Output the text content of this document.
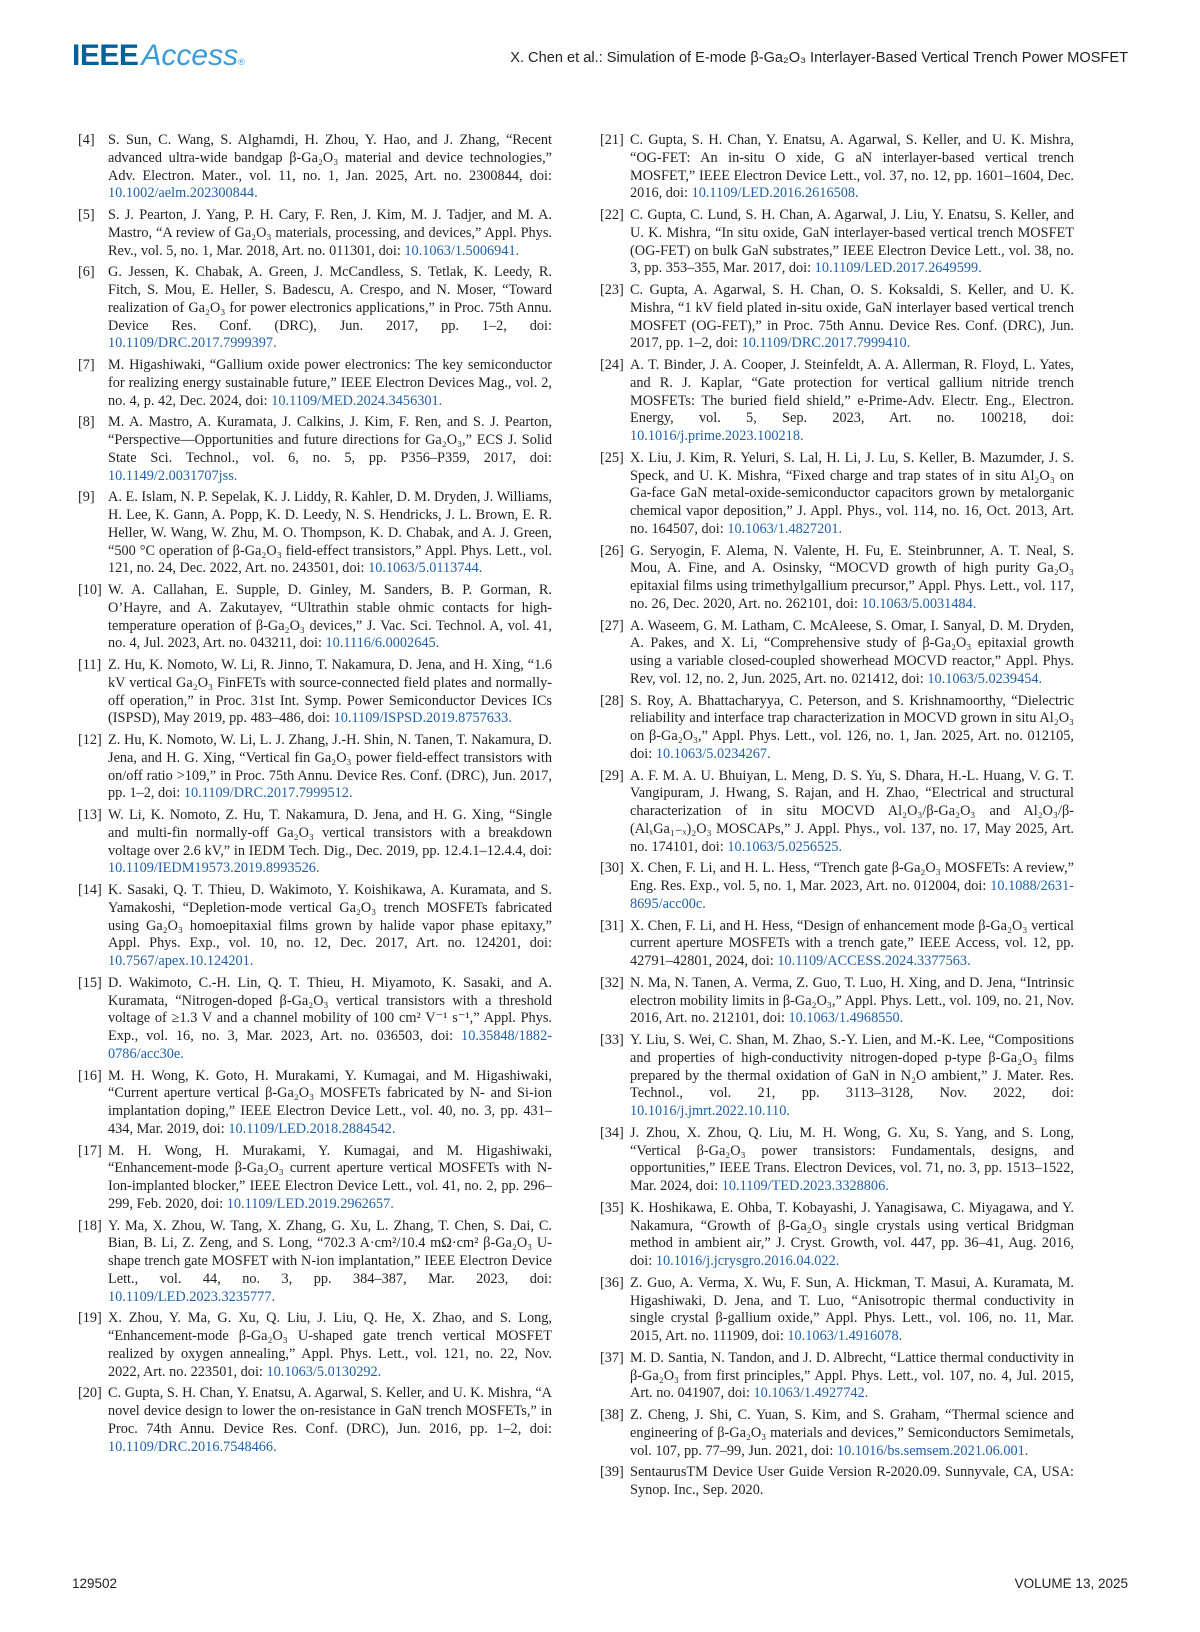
IEEE Access®	X. Chen et al.: Simulation of E-mode β-Ga₂O₃ Interlayer-Based Vertical Trench Power MOSFET
[4] S. Sun, C. Wang, S. Alghamdi, H. Zhou, Y. Hao, and J. Zhang, “Recent advanced ultra-wide bandgap β-Ga₂O₃ material and device technologies,” Adv. Electron. Mater., vol. 11, no. 1, Jan. 2025, Art. no. 2300844, doi: 10.1002/aelm.202300844.
[5] S. J. Pearton, J. Yang, P. H. Cary, F. Ren, J. Kim, M. J. Tadjer, and M. A. Mastro, “A review of Ga₂O₃ materials, processing, and devices,” Appl. Phys. Rev., vol. 5, no. 1, Mar. 2018, Art. no. 011301, doi: 10.1063/1.5006941.
[6] G. Jessen, K. Chabak, A. Green, J. McCandless, S. Tetlak, K. Leedy, R. Fitch, S. Mou, E. Heller, S. Badescu, A. Crespo, and N. Moser, “Toward realization of Ga₂O₃ for power electronics applications,” in Proc. 75th Annu. Device Res. Conf. (DRC), Jun. 2017, pp. 1–2, doi: 10.1109/DRC.2017.7999397.
[7] M. Higashiwaki, “Gallium oxide power electronics: The key semiconductor for realizing energy sustainable future,” IEEE Electron Devices Mag., vol. 2, no. 4, p. 42, Dec. 2024, doi: 10.1109/MED.2024.3456301.
[8] M. A. Mastro, A. Kuramata, J. Calkins, J. Kim, F. Ren, and S. J. Pearton, “Perspective—Opportunities and future directions for Ga₂O₃,” ECS J. Solid State Sci. Technol., vol. 6, no. 5, pp. P356–P359, 2017, doi: 10.1149/2.0031707jss.
[9] A. E. Islam, N. P. Sepelak, K. J. Liddy, R. Kahler, D. M. Dryden, J. Williams, H. Lee, K. Gann, A. Popp, K. D. Leedy, N. S. Hendricks, J. L. Brown, E. R. Heller, W. Wang, W. Zhu, M. O. Thompson, K. D. Chabak, and A. J. Green, “500 °C operation of β-Ga₂O₃ field-effect transistors,” Appl. Phys. Lett., vol. 121, no. 24, Dec. 2022, Art. no. 243501, doi: 10.1063/5.0113744.
[10] W. A. Callahan, E. Supple, D. Ginley, M. Sanders, B. P. Gorman, R. O’Hayre, and A. Zakutayev, “Ultrathin stable ohmic contacts for high-temperature operation of β-Ga₂O₃ devices,” J. Vac. Sci. Technol. A, vol. 41, no. 4, Jul. 2023, Art. no. 043211, doi: 10.1116/6.0002645.
[11] Z. Hu, K. Nomoto, W. Li, R. Jinno, T. Nakamura, D. Jena, and H. Xing, “1.6 kV vertical Ga₂O₃ FinFETs with source-connected field plates and normally-off operation,” in Proc. 31st Int. Symp. Power Semiconductor Devices ICs (ISPSD), May 2019, pp. 483–486, doi: 10.1109/ISPSD.2019.8757633.
[12] Z. Hu, K. Nomoto, W. Li, L. J. Zhang, J.-H. Shin, N. Tanen, T. Nakamura, D. Jena, and H. G. Xing, “Vertical fin Ga₂O₃ power field-effect transistors with on/off ratio >109,” in Proc. 75th Annu. Device Res. Conf. (DRC), Jun. 2017, pp. 1–2, doi: 10.1109/DRC.2017.7999512.
[13] W. Li, K. Nomoto, Z. Hu, T. Nakamura, D. Jena, and H. G. Xing, “Single and multi-fin normally-off Ga₂O₃ vertical transistors with a breakdown voltage over 2.6 kV,” in IEDM Tech. Dig., Dec. 2019, pp. 12.4.1–12.4.4, doi: 10.1109/IEDM19573.2019.8993526.
[14] K. Sasaki, Q. T. Thieu, D. Wakimoto, Y. Koishikawa, A. Kuramata, and S. Yamakoshi, “Depletion-mode vertical Ga₂O₃ trench MOSFETs fabricated using Ga₂O₃ homoepitaxial films grown by halide vapor phase epitaxy,” Appl. Phys. Exp., vol. 10, no. 12, Dec. 2017, Art. no. 124201, doi: 10.7567/apex.10.124201.
[15] D. Wakimoto, C.-H. Lin, Q. T. Thieu, H. Miyamoto, K. Sasaki, and A. Kuramata, “Nitrogen-doped β-Ga₂O₃ vertical transistors with a threshold voltage of ≥1.3 V and a channel mobility of 100 cm² V⁻¹ s⁻¹,” Appl. Phys. Exp., vol. 16, no. 3, Mar. 2023, Art. no. 036503, doi: 10.35848/1882-0786/acc30e.
[16] M. H. Wong, K. Goto, H. Murakami, Y. Kumagai, and M. Higashiwaki, “Current aperture vertical β-Ga₂O₃ MOSFETs fabricated by N- and Si-ion implantation doping,” IEEE Electron Device Lett., vol. 40, no. 3, pp. 431–434, Mar. 2019, doi: 10.1109/LED.2018.2884542.
[17] M. H. Wong, H. Murakami, Y. Kumagai, and M. Higashiwaki, “Enhancement-mode β-Ga₂O₃ current aperture vertical MOSFETs with N-Ion-implanted blocker,” IEEE Electron Device Lett., vol. 41, no. 2, pp. 296–299, Feb. 2020, doi: 10.1109/LED.2019.2962657.
[18] Y. Ma, X. Zhou, W. Tang, X. Zhang, G. Xu, L. Zhang, T. Chen, S. Dai, C. Bian, B. Li, Z. Zeng, and S. Long, “702.3 A·cm²/10.4 mΩ·cm² β-Ga₂O₃ U-shape trench gate MOSFET with N-ion implantation,” IEEE Electron Device Lett., vol. 44, no. 3, pp. 384–387, Mar. 2023, doi: 10.1109/LED.2023.3235777.
[19] X. Zhou, Y. Ma, G. Xu, Q. Liu, J. Liu, Q. He, X. Zhao, and S. Long, “Enhancement-mode β-Ga₂O₃ U-shaped gate trench vertical MOSFET realized by oxygen annealing,” Appl. Phys. Lett., vol. 121, no. 22, Nov. 2022, Art. no. 223501, doi: 10.1063/5.0130292.
[20] C. Gupta, S. H. Chan, Y. Enatsu, A. Agarwal, S. Keller, and U. K. Mishra, “A novel device design to lower the on-resistance in GaN trench MOSFETs,” in Proc. 74th Annu. Device Res. Conf. (DRC), Jun. 2016, pp. 1–2, doi: 10.1109/DRC.2016.7548466.
[21] C. Gupta, S. H. Chan, Y. Enatsu, A. Agarwal, S. Keller, and U. K. Mishra, “OG-FET: An in-situ O xide, G aN interlayer-based vertical trench MOSFET,” IEEE Electron Device Lett., vol. 37, no. 12, pp. 1601–1604, Dec. 2016, doi: 10.1109/LED.2016.2616508.
[22] C. Gupta, C. Lund, S. H. Chan, A. Agarwal, J. Liu, Y. Enatsu, S. Keller, and U. K. Mishra, “In situ oxide, GaN interlayer-based vertical trench MOSFET (OG-FET) on bulk GaN substrates,” IEEE Electron Device Lett., vol. 38, no. 3, pp. 353–355, Mar. 2017, doi: 10.1109/LED.2017.2649599.
[23] C. Gupta, A. Agarwal, S. H. Chan, O. S. Koksaldi, S. Keller, and U. K. Mishra, “1 kV field plated in-situ oxide, GaN interlayer based vertical trench MOSFET (OG-FET),” in Proc. 75th Annu. Device Res. Conf. (DRC), Jun. 2017, pp. 1–2, doi: 10.1109/DRC.2017.7999410.
[24] A. T. Binder, J. A. Cooper, J. Steinfeldt, A. A. Allerman, R. Floyd, L. Yates, and R. J. Kaplar, “Gate protection for vertical gallium nitride trench MOSFETs: The buried field shield,” e-Prime-Adv. Electr. Eng., Electron. Energy, vol. 5, Sep. 2023, Art. no. 100218, doi: 10.1016/j.prime.2023.100218.
[25] X. Liu, J. Kim, R. Yeluri, S. Lal, H. Li, J. Lu, S. Keller, B. Mazumder, J. S. Speck, and U. K. Mishra, “Fixed charge and trap states of in situ Al₂O₃ on Ga-face GaN metal-oxide-semiconductor capacitors grown by metalorganic chemical vapor deposition,” J. Appl. Phys., vol. 114, no. 16, Oct. 2013, Art. no. 164507, doi: 10.1063/1.4827201.
[26] G. Seryogin, F. Alema, N. Valente, H. Fu, E. Steinbrunner, A. T. Neal, S. Mou, A. Fine, and A. Osinsky, “MOCVD growth of high purity Ga₂O₃ epitaxial films using trimethylgallium precursor,” Appl. Phys. Lett., vol. 117, no. 26, Dec. 2020, Art. no. 262101, doi: 10.1063/5.0031484.
[27] A. Waseem, G. M. Latham, C. McAleese, S. Omar, I. Sanyal, D. M. Dryden, A. Pakes, and X. Li, “Comprehensive study of β-Ga₂O₃ epitaxial growth using a variable closed-coupled showerhead MOCVD reactor,” Appl. Phys. Rev, vol. 12, no. 2, Jun. 2025, Art. no. 021412, doi: 10.1063/5.0239454.
[28] S. Roy, A. Bhattacharyya, C. Peterson, and S. Krishnamoorthy, “Dielectric reliability and interface trap characterization in MOCVD grown in situ Al₂O₃ on β-Ga₂O₃,” Appl. Phys. Lett., vol. 126, no. 1, Jan. 2025, Art. no. 012105, doi: 10.1063/5.0234267.
[29] A. F. M. A. U. Bhuiyan, L. Meng, D. S. Yu, S. Dhara, H.-L. Huang, V. G. T. Vangipuram, J. Hwang, S. Rajan, and H. Zhao, “Electrical and structural characterization of in situ MOCVD Al₂O₃/β-Ga₂O₃ and Al₂O₃/β-(AlₓGa₁₋ₓ)₂O₃ MOSCAPs,” J. Appl. Phys., vol. 137, no. 17, May 2025, Art. no. 174101, doi: 10.1063/5.0256525.
[30] X. Chen, F. Li, and H. L. Hess, “Trench gate β-Ga₂O₃ MOSFETs: A review,” Eng. Res. Exp., vol. 5, no. 1, Mar. 2023, Art. no. 012004, doi: 10.1088/2631-8695/acc00c.
[31] X. Chen, F. Li, and H. Hess, “Design of enhancement mode β-Ga₂O₃ vertical current aperture MOSFETs with a trench gate,” IEEE Access, vol. 12, pp. 42791–42801, 2024, doi: 10.1109/ACCESS.2024.3377563.
[32] N. Ma, N. Tanen, A. Verma, Z. Guo, T. Luo, H. Xing, and D. Jena, “Intrinsic electron mobility limits in β-Ga₂O₃,” Appl. Phys. Lett., vol. 109, no. 21, Nov. 2016, Art. no. 212101, doi: 10.1063/1.4968550.
[33] Y. Liu, S. Wei, C. Shan, M. Zhao, S.-Y. Lien, and M.-K. Lee, “Compositions and properties of high-conductivity nitrogen-doped p-type β-Ga₂O₃ films prepared by the thermal oxidation of GaN in N₂O ambient,” J. Mater. Res. Technol., vol. 21, pp. 3113–3128, Nov. 2022, doi: 10.1016/j.jmrt.2022.10.110.
[34] J. Zhou, X. Zhou, Q. Liu, M. H. Wong, G. Xu, S. Yang, and S. Long, “Vertical β-Ga₂O₃ power transistors: Fundamentals, designs, and opportunities,” IEEE Trans. Electron Devices, vol. 71, no. 3, pp. 1513–1522, Mar. 2024, doi: 10.1109/TED.2023.3328806.
[35] K. Hoshikawa, E. Ohba, T. Kobayashi, J. Yanagisawa, C. Miyagawa, and Y. Nakamura, “Growth of β-Ga₂O₃ single crystals using vertical Bridgman method in ambient air,” J. Cryst. Growth, vol. 447, pp. 36–41, Aug. 2016, doi: 10.1016/j.jcrysgro.2016.04.022.
[36] Z. Guo, A. Verma, X. Wu, F. Sun, A. Hickman, T. Masui, A. Kuramata, M. Higashiwaki, D. Jena, and T. Luo, “Anisotropic thermal conductivity in single crystal β-gallium oxide,” Appl. Phys. Lett., vol. 106, no. 11, Mar. 2015, Art. no. 111909, doi: 10.1063/1.4916078.
[37] M. D. Santia, N. Tandon, and J. D. Albrecht, “Lattice thermal conductivity in β-Ga₂O₃ from first principles,” Appl. Phys. Lett., vol. 107, no. 4, Jul. 2015, Art. no. 041907, doi: 10.1063/1.4927742.
[38] Z. Cheng, J. Shi, C. Yuan, S. Kim, and S. Graham, “Thermal science and engineering of β-Ga₂O₃ materials and devices,” Semiconductors Semimetals, vol. 107, pp. 77–99, Jun. 2021, doi: 10.1016/bs.semsem.2021.06.001.
[39] SentaurusTM Device User Guide Version R-2020.09. Sunnyvale, CA, USA: Synop. Inc., Sep. 2020.
129502	VOLUME 13, 2025
